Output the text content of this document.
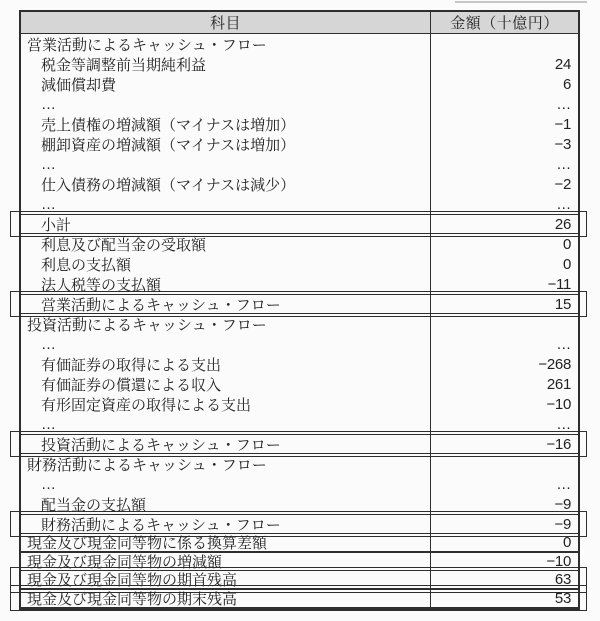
科目	金額（十億円）
営業活動によるキャッシュ・フロー
税金等調整前当期純利益	24
減価償却費	6
…	…
売上債権の増減額（マイナスは増加）	−1
棚卸資産の増減額（マイナスは増加）	−3
…	…
仕入債務の増減額（マイナスは減少）	−2
…	…
小計	26
利息及び配当金の受取額	0
利息の支払額	0
法人税等の支払額	−11
営業活動によるキャッシュ・フロー	15
投資活動によるキャッシュ・フロー
…	…
有価証券の取得による支出	−268
有価証券の償還による収入	261
有形固定資産の取得による支出	−10
…	…
投資活動によるキャッシュ・フロー	−16
財務活動によるキャッシュ・フロー
…	…
配当金の支払額	−9
財務活動によるキャッシュ・フロー	−9
現金及び現金同等物に係る換算差額	0
現金及び現金同等物の増減額	−10
現金及び現金同等物の期首残高	63
現金及び現金同等物の期末残高	53
